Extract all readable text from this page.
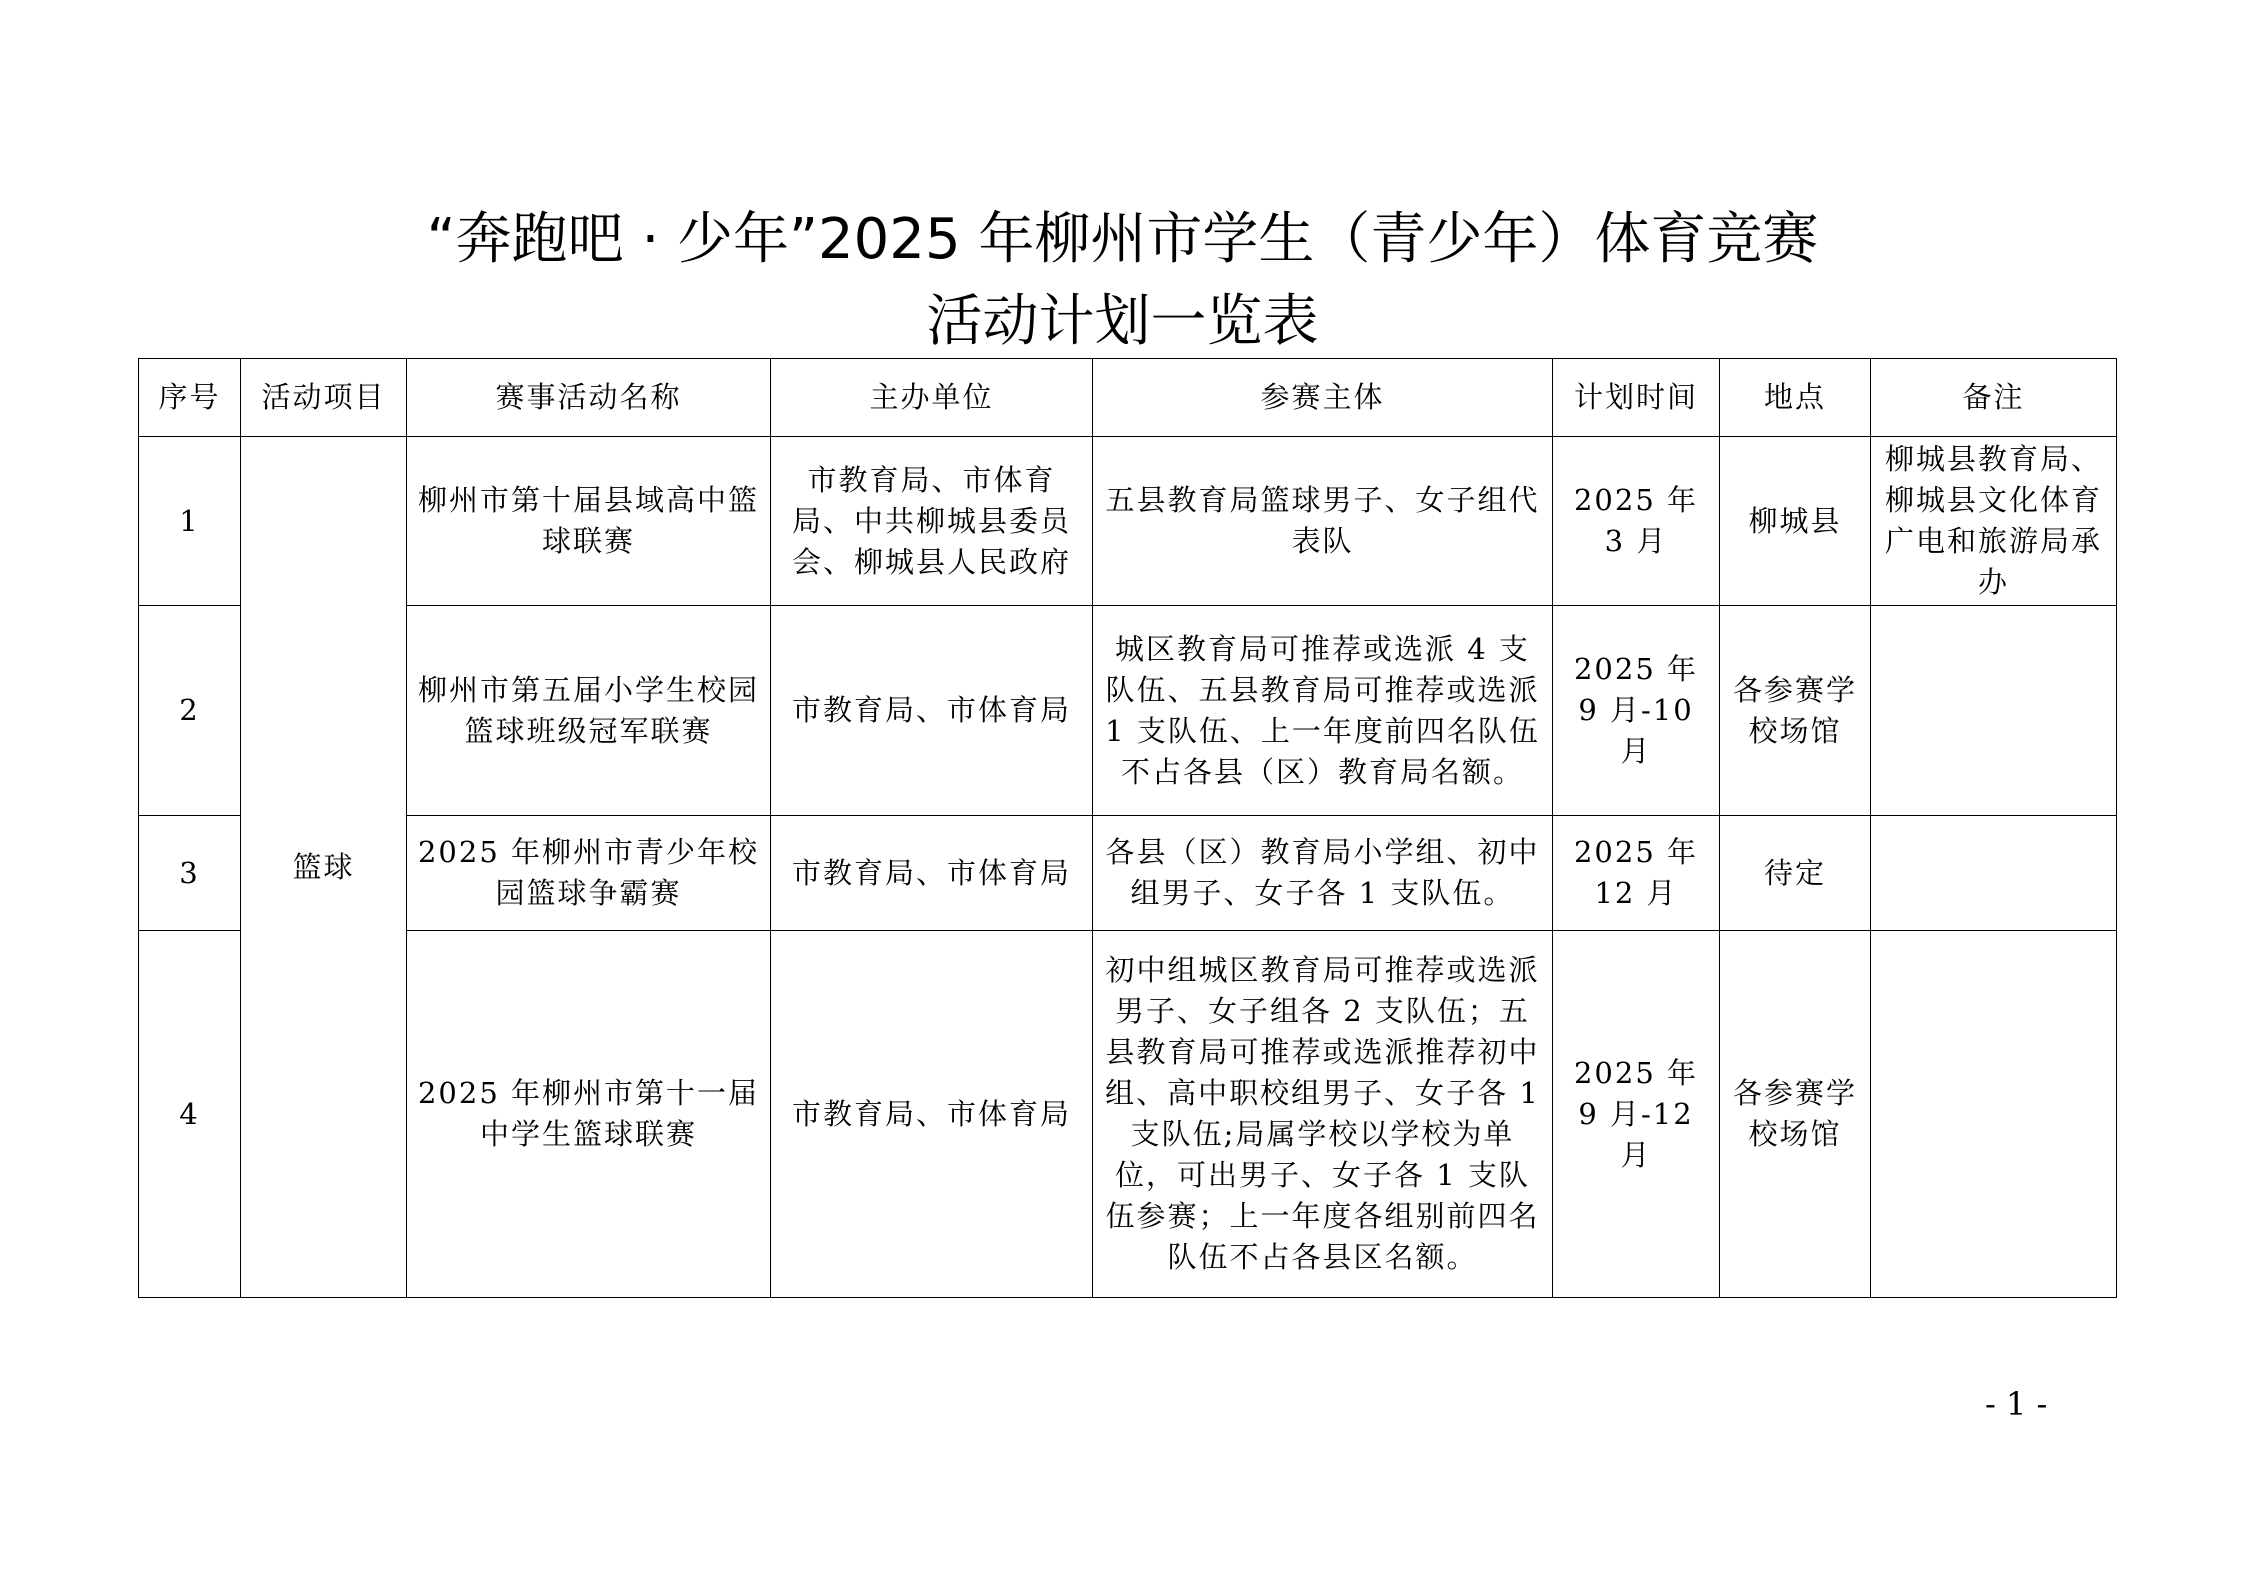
“奔跑吧 · 少年”2025 年柳州市学生（青少年）体育竞赛
活动计划一览表
序号	活动项目	赛事活动名称	主办单位	参赛主体	计划时间	地点	备注
1	篮球	柳州市第十届县域高中篮球联赛	市教育局、市体育局、中共柳城县委员会、柳城县人民政府	五县教育局篮球男子、女子组代表队	2025 年 3 月	柳城县	柳城县教育局、柳城县文化体育广电和旅游局承办
2		柳州市第五届小学生校园篮球班级冠军联赛	市教育局、市体育局	城区教育局可推荐或选派 4 支队伍、五县教育局可推荐或选派 1 支队伍、上一年度前四名队伍不占各县（区）教育局名额。	2025 年 9 月-10 月	各参赛学校场馆	
3		2025 年柳州市青少年校园篮球争霸赛	市教育局、市体育局	各县（区）教育局小学组、初中组男子、女子各 1 支队伍。	2025 年 12 月	待定	
4		2025 年柳州市第十一届中学生篮球联赛	市教育局、市体育局	初中组城区教育局可推荐或选派男子、女子组各 2 支队伍；五县教育局可推荐或选派推荐初中组、高中职校组男子、女子各 1 支队伍;局属学校以学校为单位，可出男子、女子各 1 支队伍参赛；上一年度各组别前四名队伍不占各县区名额。	2025 年 9 月-12 月	各参赛学校场馆	
- 1 -
